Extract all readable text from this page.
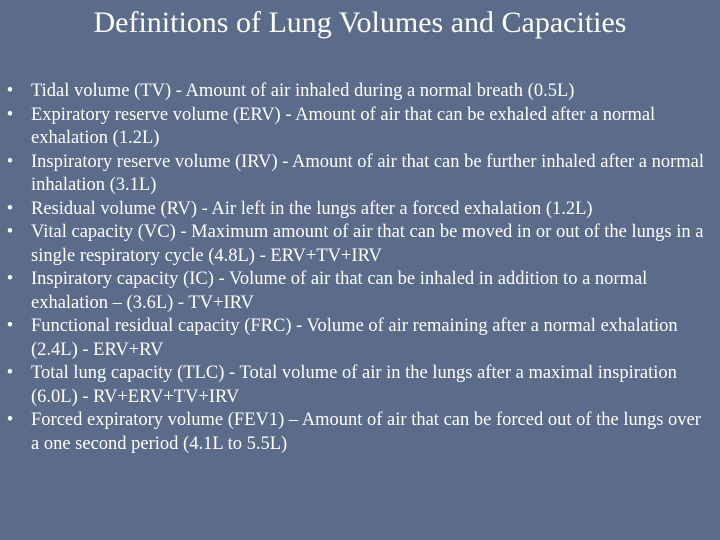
Definitions of Lung Volumes and Capacities
• Tidal volume (TV) - Amount of air inhaled during a normal breath (0.5L)
• Expiratory reserve volume (ERV) - Amount of air that can be exhaled after a normal exhalation (1.2L)
• Inspiratory reserve volume (IRV) - Amount of air that can be further inhaled after a normal inhalation (3.1L)
• Residual volume (RV) - Air left in the lungs after a forced exhalation (1.2L)
• Vital capacity (VC) - Maximum amount of air that can be moved in or out of the lungs in a single respiratory cycle (4.8L) - ERV+TV+IRV
• Inspiratory capacity (IC) - Volume of air that can be inhaled in addition to a normal exhalation – (3.6L) - TV+IRV
• Functional residual capacity (FRC) - Volume of air remaining after a normal exhalation (2.4L) - ERV+RV
• Total lung capacity (TLC) - Total volume of air in the lungs after a maximal inspiration (6.0L) - RV+ERV+TV+IRV
• Forced expiratory volume (FEV1) – Amount of air that can be forced out of the lungs over a one second period (4.1L to 5.5L)
